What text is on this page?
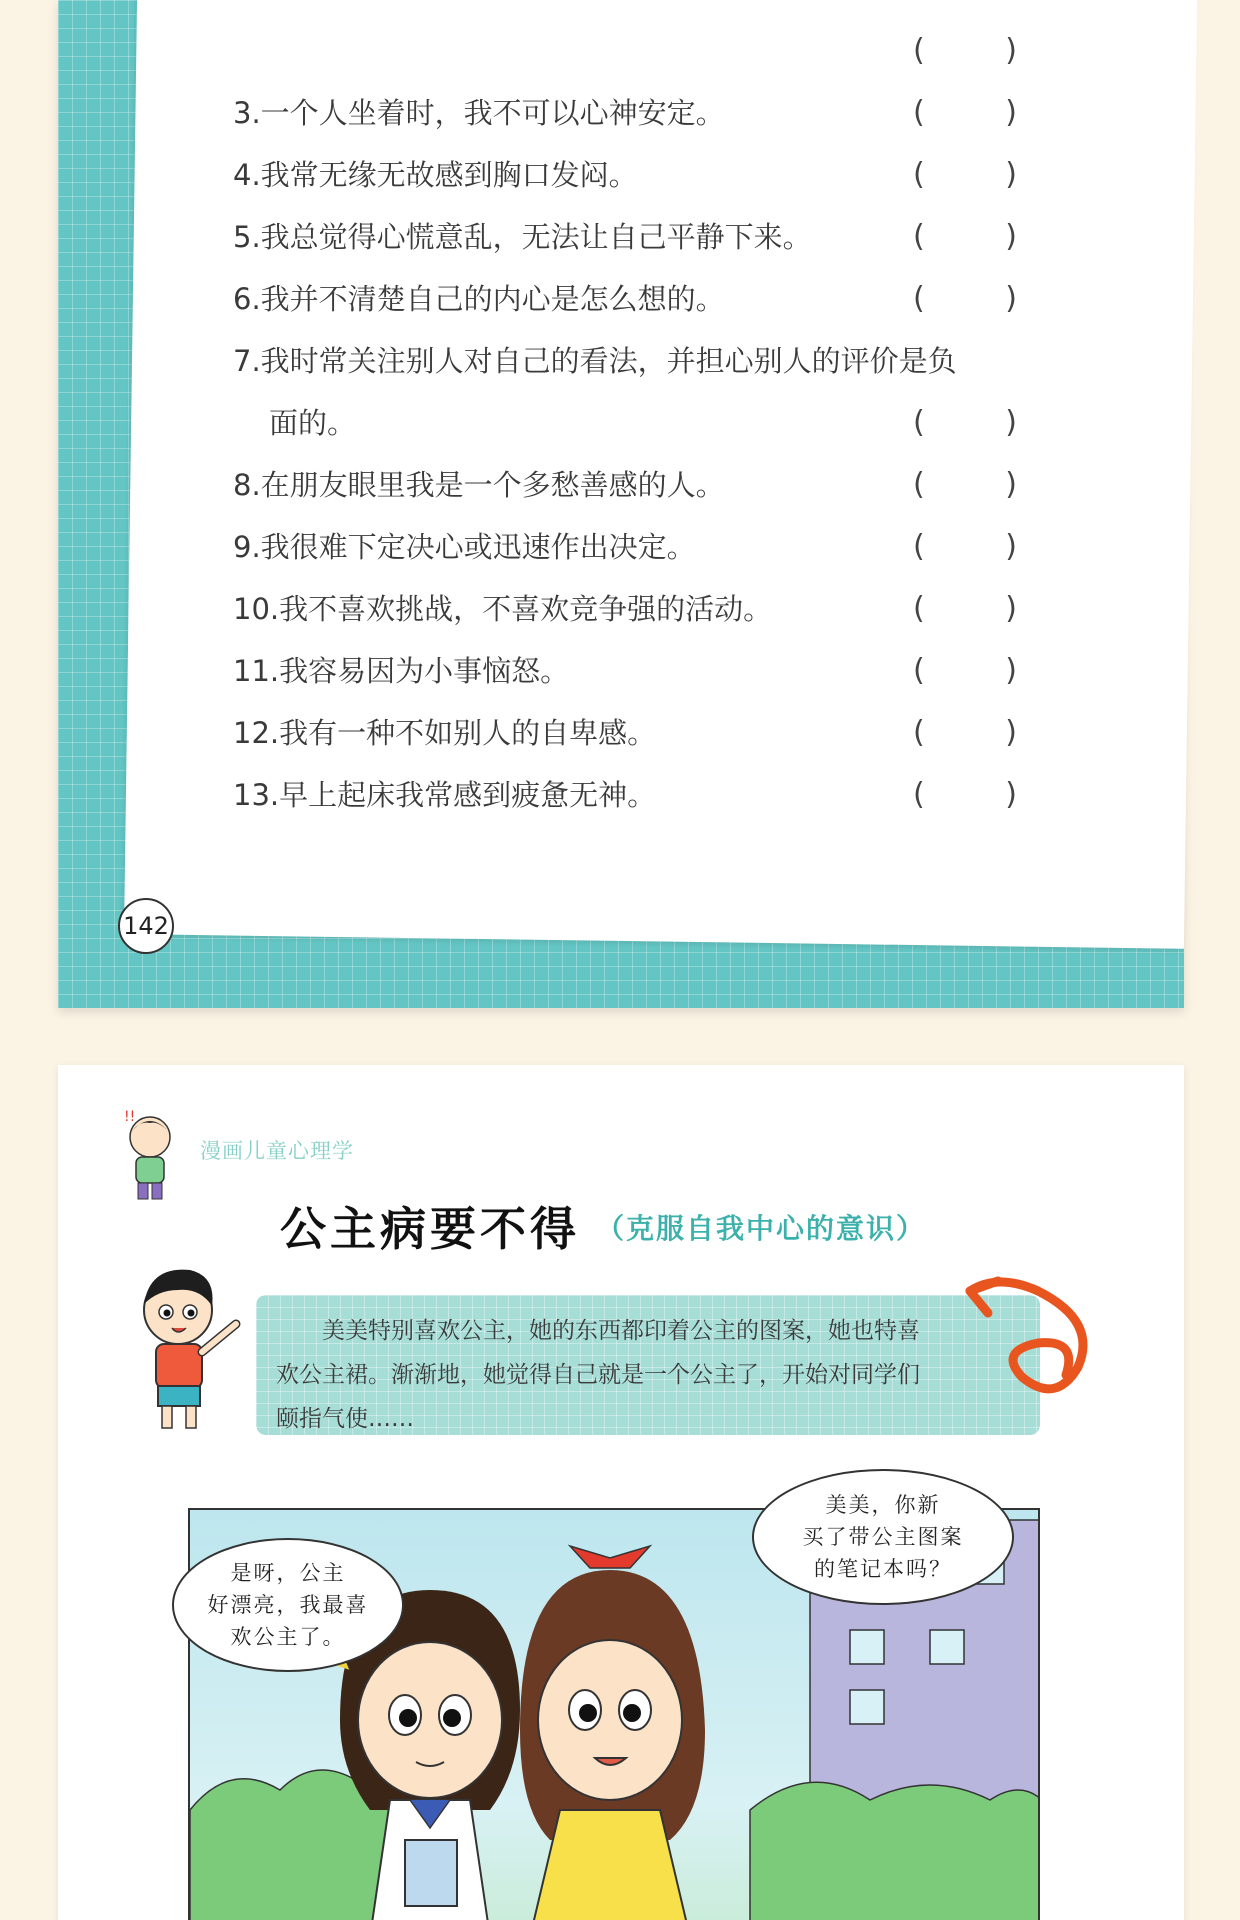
(	)
3.一个人坐着时，我不可以心神安定。	(	)
4.我常无缘无故感到胸口发闷。	(	)
5.我总觉得心慌意乱，无法让自己平静下来。	(	)
6.我并不清楚自己的内心是怎么想的。	(	)
7.我时常关注别人对自己的看法，并担心别人的评价是负
面的。	(	)
8.在朋友眼里我是一个多愁善感的人。	(	)
9.我很难下定决心或迅速作出决定。	(	)
10.我不喜欢挑战，不喜欢竞争强的活动。	(	)
11.我容易因为小事恼怒。	(	)
12.我有一种不如别人的自卑感。	(	)
13.早上起床我常感到疲惫无神。	(	)
142
!!
漫画儿童心理学
公主病要不得 （克服自我中心的意识）
美美特别喜欢公主，她的东西都印着公主的图案，她也特喜
欢公主裙。渐渐地，她觉得自己就是一个公主了，开始对同学们
颐指气使……
是呀，公主
好漂亮，我最喜
欢公主了。
美美，你新
买了带公主图案
的笔记本吗？
